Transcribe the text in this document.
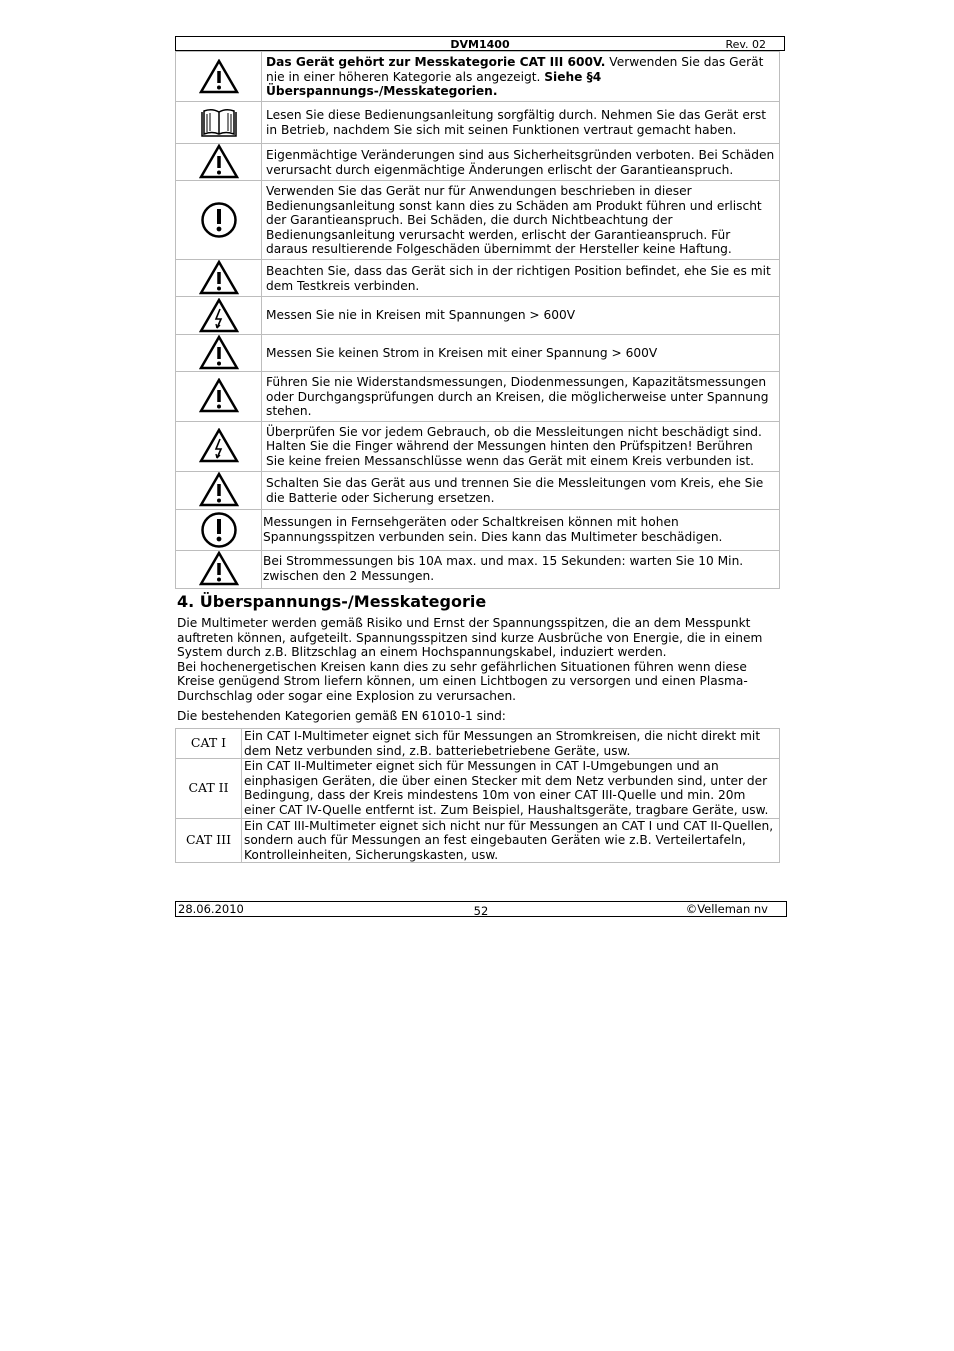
DVM1400	Rev. 02
	Das Gerät gehört zur Messkategorie CAT III 600V. Verwenden Sie das Gerät nie in einer höheren Kategorie als angezeigt. Siehe §4 Überspannungs-/Messkategorien.

	Lesen Sie diese Bedienungsanleitung sorgfältig durch. Nehmen Sie das Gerät erst in Betrieb, nachdem Sie sich mit seinen Funktionen vertraut gemacht haben.

	Eigenmächtige Veränderungen sind aus Sicherheitsgründen verboten. Bei Schäden verursacht durch eigenmächtige Änderungen erlischt der Garantieanspruch.

	Verwenden Sie das Gerät nur für Anwendungen beschrieben in dieser Bedienungsanleitung sonst kann dies zu Schäden am Produkt führen und erlischt der Garantieanspruch. Bei Schäden, die durch Nichtbeachtung der Bedienungsanleitung verursacht werden, erlischt der Garantieanspruch. Für daraus resultierende Folgeschäden übernimmt der Hersteller keine Haftung.

	Beachten Sie, dass das Gerät sich in der richtigen Position befindet, ehe Sie es mit dem Testkreis verbinden.

	Messen Sie nie in Kreisen mit Spannungen > 600V

	Messen Sie keinen Strom in Kreisen mit einer Spannung > 600V

	Führen Sie nie Widerstandsmessungen, Diodenmessungen, Kapazitätsmessungen oder Durchgangsprüfungen durch an Kreisen, die möglicherweise unter Spannung stehen.

	Überprüfen Sie vor jedem Gebrauch, ob die Messleitungen nicht beschädigt sind. Halten Sie die Finger während der Messungen hinten den Prüfspitzen! Berühren Sie keine freien Messanschlüsse wenn das Gerät mit einem Kreis verbunden ist.

	Schalten Sie das Gerät aus und trennen Sie die Messleitungen vom Kreis, ehe Sie die Batterie oder Sicherung ersetzen.

	Messungen in Fernsehgeräten oder Schaltkreisen können mit hohen Spannungsspitzen verbunden sein. Dies kann das Multimeter beschädigen.

	Bei Strommessungen bis 10A max. und max. 15 Sekunden: warten Sie 10 Min. zwischen den 2 Messungen.
4. Überspannungs-/Messkategorie

Die Multimeter werden gemäß Risiko und Ernst der Spannungsspitzen, die an dem Messpunkt auftreten können, aufgeteilt. Spannungsspitzen sind kurze Ausbrüche von Energie, die in einem System durch z.B. Blitzschlag an einem Hochspannungskabel, induziert werden.

Bei hochenergetischen Kreisen kann dies zu sehr gefährlichen Situationen führen wenn diese Kreise genügend Strom liefern können, um einen Lichtbogen zu versorgen und einen Plasma-Durchschlag oder sogar eine Explosion zu verursachen.

Die bestehenden Kategorien gemäß EN 61010-1 sind:

CAT I	Ein CAT I-Multimeter eignet sich für Messungen an Stromkreisen, die nicht direkt mit dem Netz verbunden sind, z.B. batteriebetriebene Geräte, usw.
CAT II	Ein CAT II-Multimeter eignet sich für Messungen in CAT I-Umgebungen und an einphasigen Geräten, die über einen Stecker mit dem Netz verbunden sind, unter der Bedingung, dass der Kreis mindestens 10m von einer CAT III-Quelle und min. 20m einer CAT IV-Quelle entfernt ist. Zum Beispiel, Haushaltsgeräte, tragbare Geräte, usw.
CAT III	Ein CAT III-Multimeter eignet sich nicht nur für Messungen an CAT I und CAT II-Quellen, sondern auch für Messungen an fest eingebauten Geräten wie z.B. Verteilertafeln, Kontrolleinheiten, Sicherungskasten, usw.
28.06.2010	52	©Velleman nv
